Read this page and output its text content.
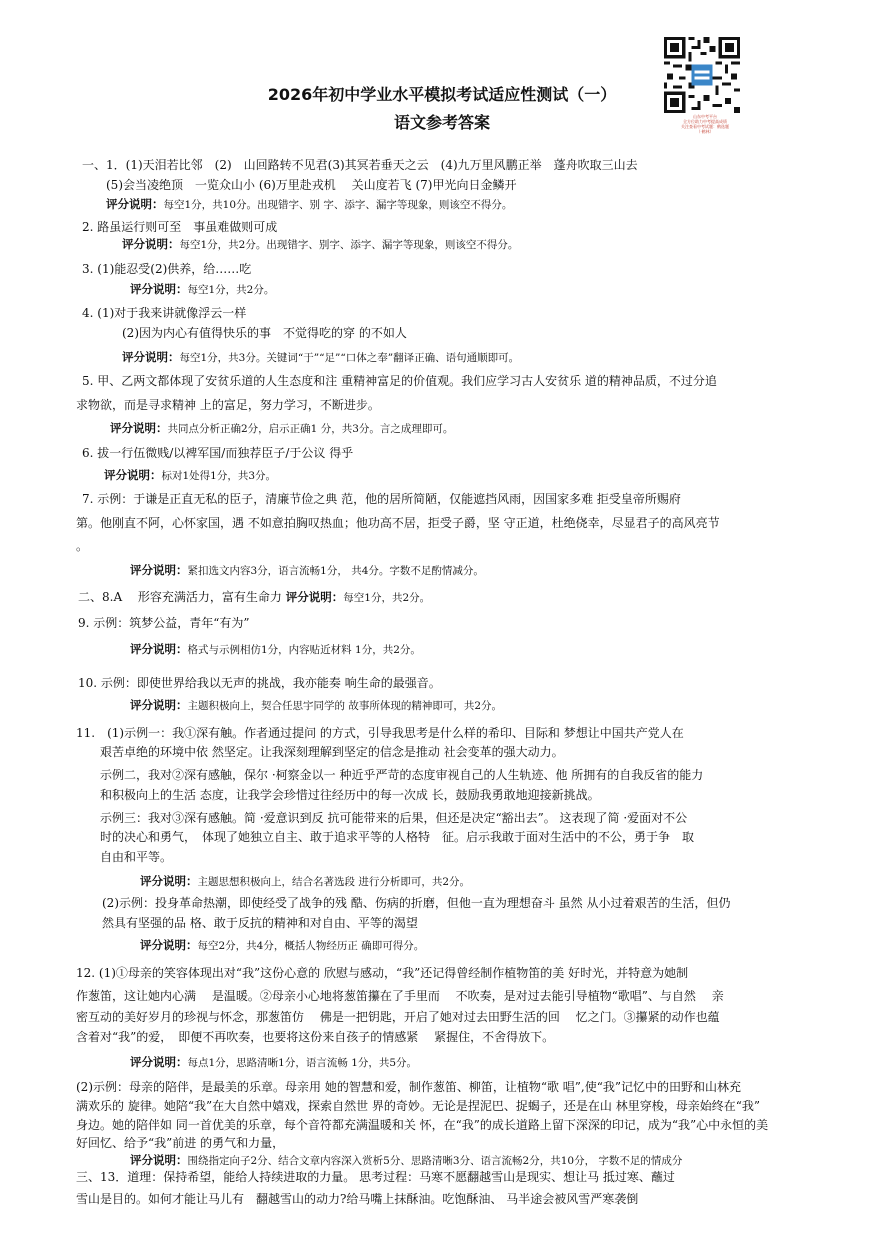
山东中考平台
全方位助力中考提高成绩
关注查看中考试题：鹤选题
（·鹤林）
2026年初中学业水平模拟考试适应性测试（一）
语文参考答案
一、1．(1)天泪若比邻　(2)　山回路转不见君(3)其冥若垂天之云　(4)九万里风鹏正举　蓬舟吹取三山去
(5)会当凌绝顶　一览众山小 (6)万里赴戎机　 关山度若飞 (7)甲光向日金鳞开
评分说明：每空1分，共10分。出现错字、别 字、添字、漏字等现象，则该空不得分。
2. 路虽运行则可至　事虽难做则可成
评分说明：每空1分，共2分。出现错字、别字、添字、漏字等现象，则该空不得分。
3. (1)能忍受(2)供养，给……吃
评分说明：每空1分，共2分。
4. (1)对于我来讲就像浮云一样
(2)因为内心有值得快乐的事　不觉得吃的穿 的不如人
评分说明：每空1分，共3分。关键词“于”“足”“口体之奉”翻译正确、语句通顺即可。
5. 甲、乙两文都体现了安贫乐道的人生态度和注 重精神富足的价值观。我们应学习古人安贫乐 道的精神品质，不过分追
求物欲，而是寻求精神 上的富足，努力学习，不断进步。
评分说明：共同点分析正确2分，启示正确1 分，共3分。言之成理即可。
6. 拔一行伍微贱/以裨军国/而独荐臣子/于公议 得乎
评分说明：标对1处得1分，共3分。
7. 示例：于谦是正直无私的臣子，清廉节俭之典 范，他的居所简陋，仅能遮挡风雨，因国家多难 拒受皇帝所赐府
第。他刚直不阿，心怀家国，遇 不如意拍胸叹热血；他功高不居，拒受子爵，坚 守正道，杜绝侥幸，尽显君子的高风亮节
。
评分说明：紧扣选文内容3分，语言流畅1分， 共4分。字数不足酌情减分。
二、8.A　 形容充满活力，富有生命力 评分说明：每空1分，共2分。
9. 示例：筑梦公益，青年“有为”
评分说明：格式与示例相仿1分，内容贴近材料 1分，共2分。
10. 示例：即使世界给我以无声的挑战，我亦能奏 响生命的最强音。
评分说明：主题积极向上，契合任思宇同学的 故事所体现的精神即可，共2分。
11.　(1)示例一：我①深有触。作者通过提问 的方式，引导我思考是什么样的希印、目际和 梦想让中国共产党人在
艰苦卓绝的环境中依 然坚定。让我深刻理解到坚定的信念是推动 社会变革的强大动力。
示例二，我对②深有感触，保尔 ·柯察金以一 种近乎严苛的态度审视自己的人生轨迹、他 所拥有的自我反省的能力
和积极向上的生活 态度，让我学会珍惜过往经历中的每一次成 长，鼓励我勇敢地迎接新挑战。
示例三：我对③深有感触。简 ·爱意识到反 抗可能带来的后果，但还是决定“豁出去”。 这表现了简 ·爱面对不公
时的决心和勇气，　体现了她独立自主、敢于追求平等的人格特　征。启示我敢于面对生活中的不公，勇于争　取
自由和平等。
评分说明：主题思想积极向上，结合名著选段 进行分析即可，共2分。
(2)示例：投身革命热潮，即使经受了战争的残 酷、伤病的折磨，但他一直为理想奋斗 虽然 从小过着艰苦的生活，但仍
然具有坚强的品 格、敢于反抗的精神和对自由、平等的渴望
评分说明：每空2分，共4分，概括人物经历正 确即可得分。
12. (1)①母亲的笑容体现出对“我”这份心意的 欣慰与感动，“我”还记得曾经制作植物笛的美 好时光，并特意为她制
作葱笛，这让她内心满　 是温暖。②母亲小心地将葱笛攥在了手里而　 不吹奏，是对过去能引导植物“歌唱”、与自然　 亲
密互动的美好岁月的珍视与怀念，那葱笛仿　 佛是一把钥匙，开启了她对过去田野生活的回　 忆之门。③攥紧的动作也蕴
含着对“我”的爱，　即便不再吹奏，也要将这份来自孩子的情感紧　 紧握住，不舍得放下。
评分说明：每点1分，思路清晰1分，语言流畅 1分，共5分。
(2)示例：母亲的陪伴，是最美的乐章。母亲用 她的智慧和爱，制作葱笛、柳笛，让植物“歌 唱”,使“我”记忆中的田野和山林充
满欢乐的 旋律。她陪“我”在大自然中嬉戏，探索自然世 界的奇妙。无论是捏泥巴、捉蝎子，还是在山 林里穿梭，母亲始终在“我”
身边。她的陪伴如 同一首优美的乐章，每个音符都充满温暖和关 怀，在“我”的成长道路上留下深深的印记，成为“我”心中永恒的美
好回忆、给予“我”前进 的勇气和力量，
评分说明：围绕指定向子2分、结合文章内容深入赏析5分、思路清晰3分、语言流畅2分，共10分， 字数不足的情成分
三、13．道理：保持希望，能给人持续进取的力量。 思考过程：马寒不愿翻越雪山是现实、想让马 抵过寒、蘸过
雪山是目的。如何才能让马儿有　翻越雪山的动力?给马嘴上抹酥油。吃饱酥油、 马半途会被风雪严寒袭倒
